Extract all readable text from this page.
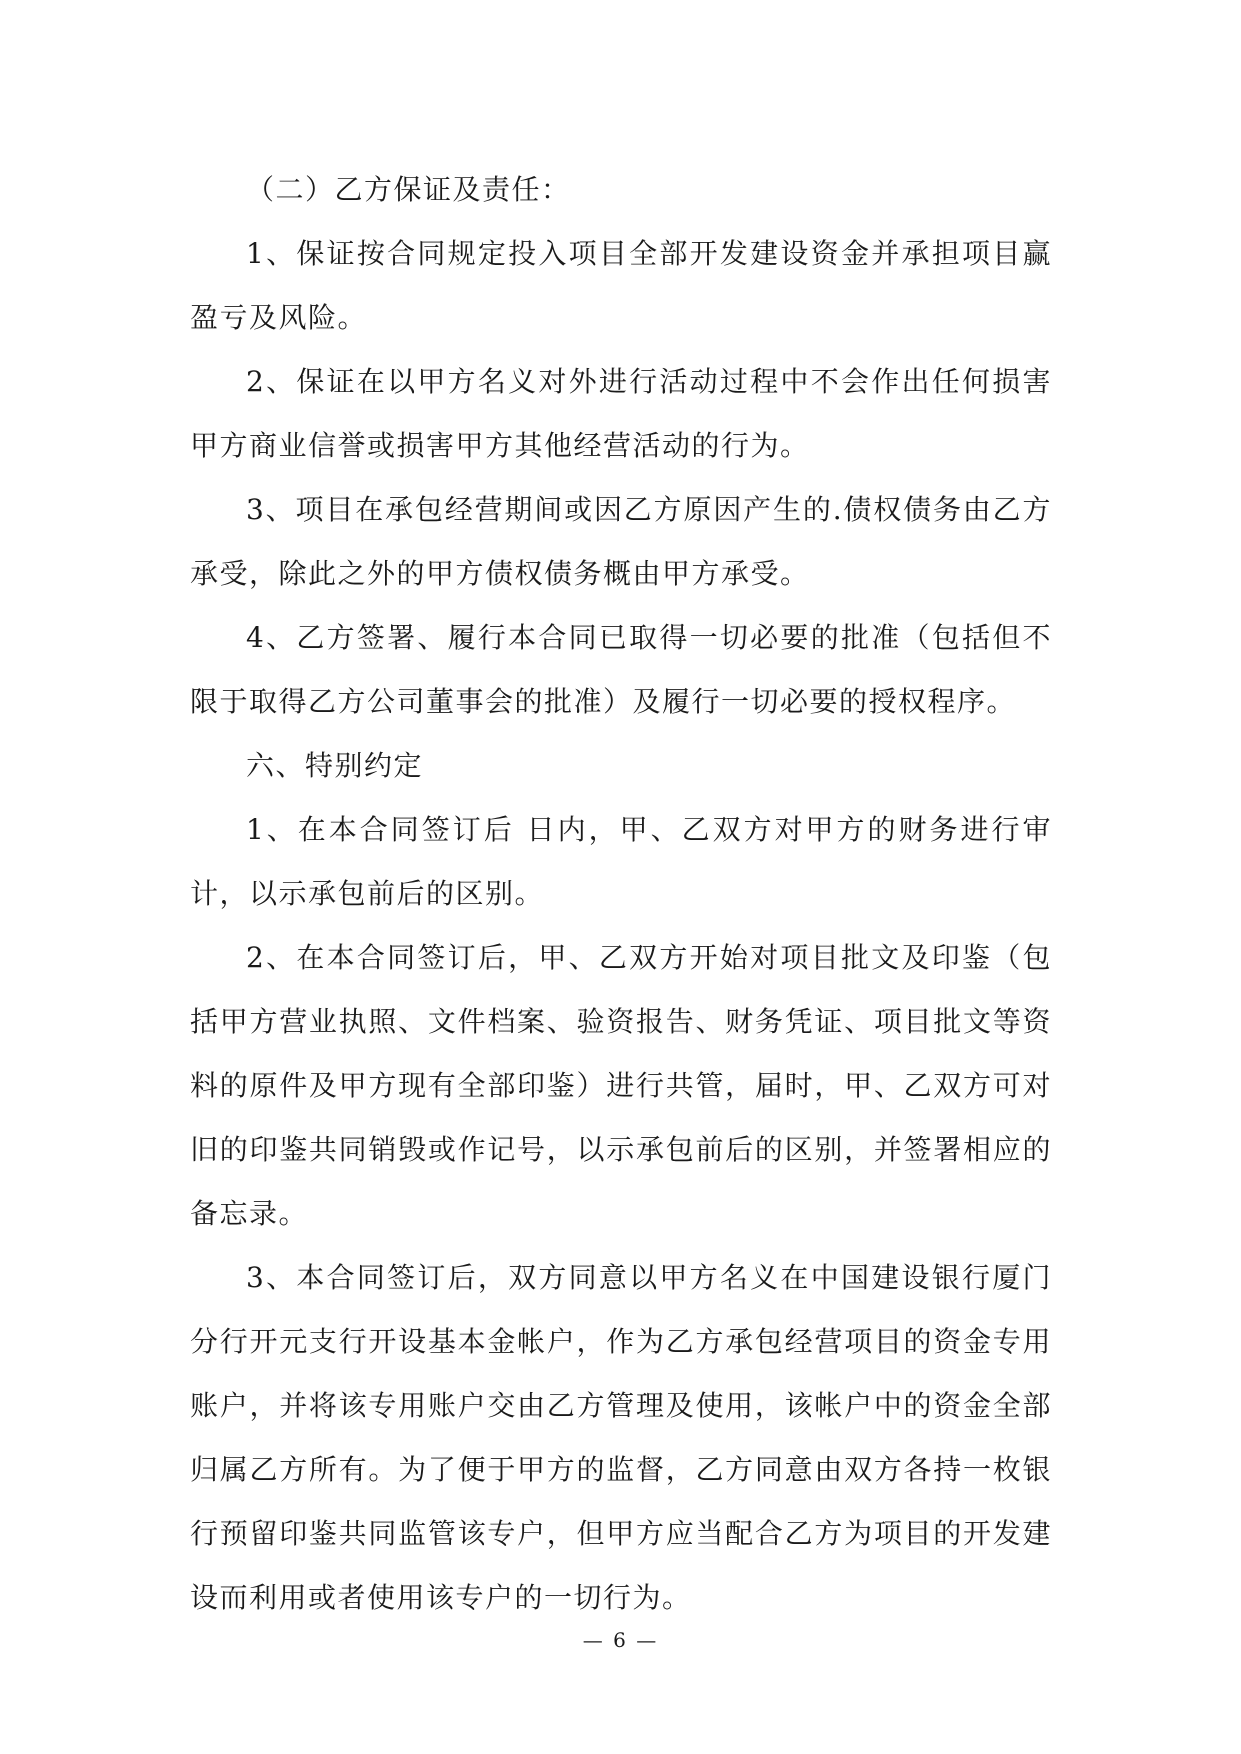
（二）乙方保证及责任：

1、保证按合同规定投入项目全部开发建设资金并承担项目赢盈亏及风险。

2、保证在以甲方名义对外进行活动过程中不会作出任何损害甲方商业信誉或损害甲方其他经营活动的行为。

3、项目在承包经营期间或因乙方原因产生的.债权债务由乙方承受，除此之外的甲方债权债务概由甲方承受。

4、乙方签署、履行本合同已取得一切必要的批准（包括但不限于取得乙方公司董事会的批准）及履行一切必要的授权程序。

六、特别约定

1、在本合同签订后 日内，甲、乙双方对甲方的财务进行审计，以示承包前后的区别。

2、在本合同签订后，甲、乙双方开始对项目批文及印鉴（包括甲方营业执照、文件档案、验资报告、财务凭证、项目批文等资料的原件及甲方现有全部印鉴）进行共管，届时，甲、乙双方可对旧的印鉴共同销毁或作记号，以示承包前后的区别，并签署相应的备忘录。

3、本合同签订后，双方同意以甲方名义在中国建设银行厦门分行开元支行开设基本金帐户，作为乙方承包经营项目的资金专用账户，并将该专用账户交由乙方管理及使用，该帐户中的资金全部归属乙方所有。为了便于甲方的监督，乙方同意由双方各持一枚银行预留印鉴共同监管该专户，但甲方应当配合乙方为项目的开发建设而利用或者使用该专户的一切行为。

— 6 —
